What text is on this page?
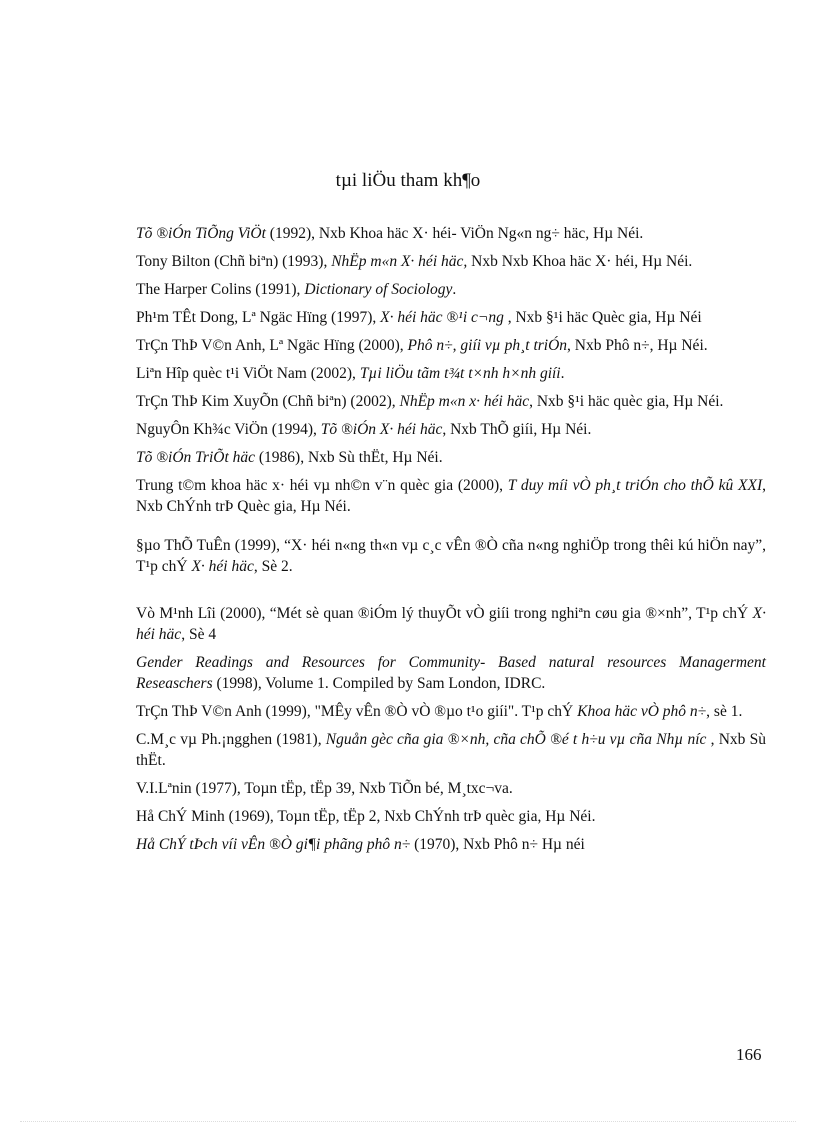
tµi liÖu tham kh¶o

Tõ ®iÓn TiÕng ViÖt (1992), Nxb Khoa häc X· héi- ViÖn Ng«n ng÷ häc, Hµ Néi.

Tony Bilton (Chñ biªn) (1993), NhËp m«n X· héi häc, Nxb Nxb Khoa häc X· héi, Hµ Néi.

The Harper Colins (1991), Dictionary of Sociology.

Ph¹m TÊt Dong, Lª Ngäc Hïng (1997), X· héi häc ®¹i c¬ng , Nxb §¹i häc Quèc gia, Hµ Néi

TrÇn ThÞ V©n Anh, Lª Ngäc Hïng (2000), Phô n÷, giíi vµ ph¸t triÓn, Nxb Phô n÷, Hµ Néi.

Liªn Hîp quèc t¹i ViÖt Nam (2002), Tµi liÖu tãm t¾t t×nh h×nh giíi.

TrÇn ThÞ Kim XuyÕn (Chñ biªn) (2002), NhËp m«n x· héi häc, Nxb §¹i häc quèc gia, Hµ Néi.

NguyÔn Kh¾c ViÖn (1994), Tõ ®iÓn X· héi häc, Nxb ThÕ giíi, Hµ Néi.

Tõ ®iÓn TriÕt häc (1986), Nxb Sù thËt, Hµ Néi.

Trung t©m khoa häc x· héi vµ nh©n v¨n quèc gia (2000), T duy míi vÒ ph¸t triÓn cho thÕ kû XXI, Nxb ChÝnh trÞ Quèc gia, Hµ Néi.

§µo ThÕ TuÊn (1999), “X· héi n«ng th«n vµ c¸c vÊn ®Ò cña n«ng nghiÖp trong thêi kú hiÖn nay”, T¹p chÝ X· héi häc, Sè 2.

Vò M¹nh Lîi (2000), “Mét sè quan ®iÓm lý thuyÕt vÒ giíi trong nghiªn cøu gia ®×nh”, T¹p chÝ X· héi häc, Sè 4

Gender Readings and Resources for Community- Based natural resources Managerment Reseaschers (1998), Volume 1. Compiled by Sam London, IDRC.

TrÇn ThÞ V©n Anh (1999), "MÊy vÊn ®Ò vÒ ®µo t¹o giíi". T¹p chÝ Khoa häc vÒ phô n÷, sè 1.

C.M¸c vµ Ph.¡ngghen (1981), Nguån gèc cña gia ®×nh, cña chÕ ®é t h÷u vµ cña Nhµ níc , Nxb Sù thËt.

V.I.Lªnin (1977), Toµn tËp, tËp 39, Nxb TiÕn bé, M¸txc¬va.

Hå ChÝ Minh (1969), Toµn tËp, tËp 2, Nxb ChÝnh trÞ quèc gia, Hµ Néi.

Hå ChÝ tÞch víi vÊn ®Ò gi¶i phãng phô n÷ (1970), Nxb Phô n÷ Hµ néi

166
